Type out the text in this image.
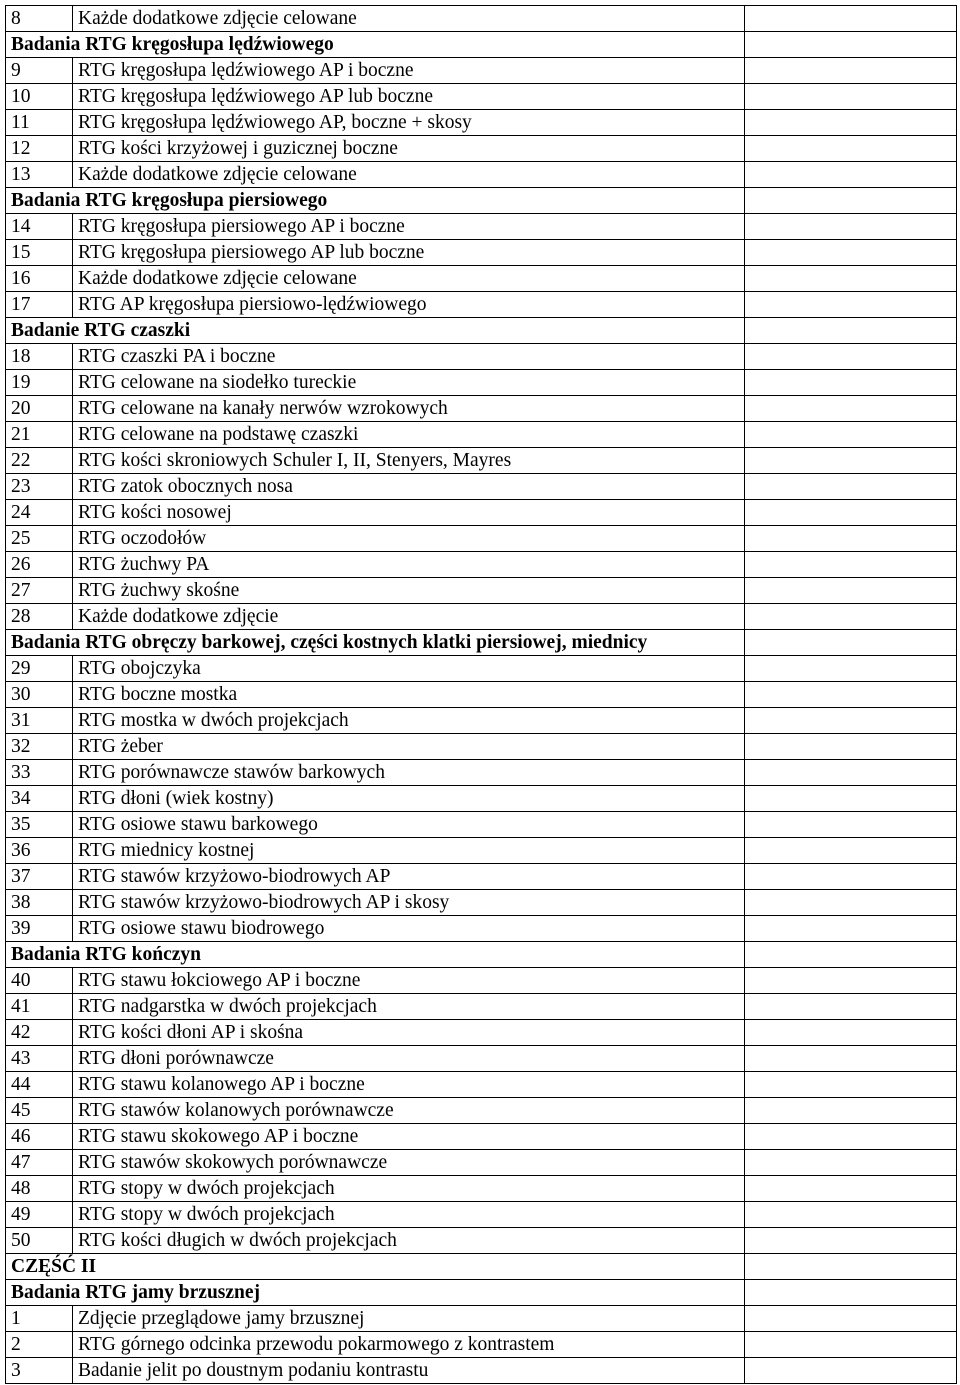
8	Każde dodatkowe zdjęcie celowane	
Badania RTG kręgosłupa lędźwiowego		
9	RTG kręgosłupa lędźwiowego AP i boczne	
10	RTG kręgosłupa lędźwiowego AP lub boczne	
11	RTG kręgosłupa lędźwiowego AP, boczne + skosy	
12	RTG kości krzyżowej i guzicznej boczne	
13	Każde dodatkowe zdjęcie celowane	
Badania RTG kręgosłupa piersiowego		
14	RTG kręgosłupa piersiowego AP i boczne	
15	RTG kręgosłupa piersiowego AP lub boczne	
16	Każde dodatkowe zdjęcie celowane	
17	RTG AP kręgosłupa piersiowo-lędźwiowego	
Badanie RTG czaszki		
18	RTG czaszki PA i boczne	
19	RTG celowane na siodełko tureckie	
20	RTG celowane na kanały nerwów wzrokowych	
21	RTG celowane na podstawę czaszki	
22	RTG kości skroniowych Schuler I, II, Stenyers, Mayres	
23	RTG zatok obocznych nosa	
24	RTG kości nosowej	
25	RTG oczodołów	
26	RTG żuchwy PA	
27	RTG żuchwy skośne	
28	Każde dodatkowe zdjęcie	
Badania RTG obręczy barkowej, części kostnych klatki piersiowej, miednicy		
29	RTG obojczyka	
30	RTG boczne mostka	
31	RTG mostka w dwóch projekcjach	
32	RTG żeber	
33	RTG porównawcze stawów barkowych	
34	RTG dłoni (wiek kostny)	
35	RTG osiowe stawu barkowego	
36	RTG miednicy kostnej	
37	RTG stawów krzyżowo-biodrowych AP	
38	RTG stawów krzyżowo-biodrowych AP i skosy	
39	RTG osiowe stawu biodrowego	
Badania RTG kończyn		
40	RTG stawu łokciowego AP i boczne	
41	RTG nadgarstka w dwóch projekcjach	
42	RTG kości dłoni AP i skośna	
43	RTG dłoni porównawcze	
44	RTG stawu kolanowego AP i boczne	
45	RTG stawów kolanowych porównawcze	
46	RTG stawu skokowego AP i boczne	
47	RTG stawów skokowych porównawcze	
48	RTG stopy w dwóch projekcjach	
49	RTG stopy w dwóch projekcjach	
50	RTG kości długich w dwóch projekcjach	
CZĘŚĆ II		
Badania RTG jamy brzusznej		
1	Zdjęcie przeglądowe jamy brzusznej	
2	RTG górnego odcinka przewodu pokarmowego z kontrastem	
3	Badanie jelit po doustnym podaniu kontrastu	
